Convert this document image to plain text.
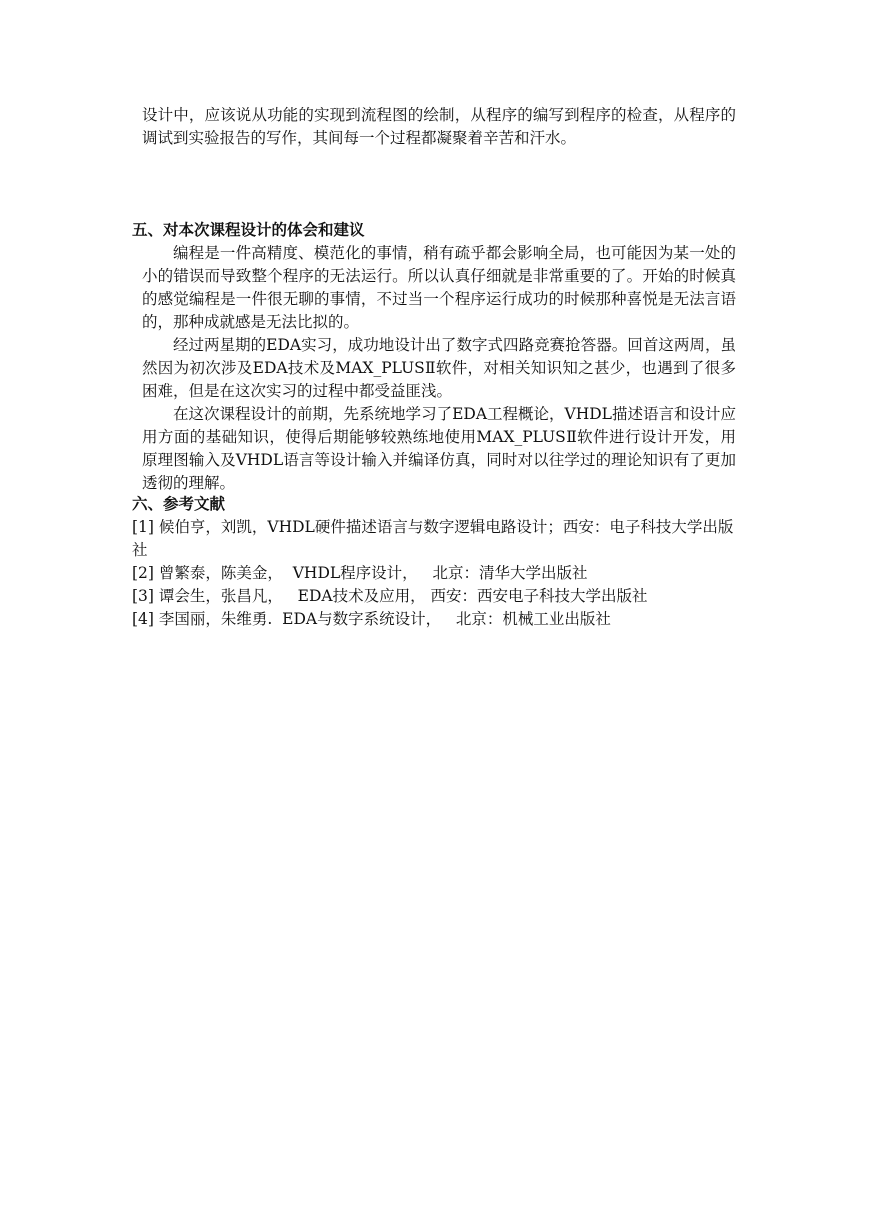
设计中，应该说从功能的实现到流程图的绘制，从程序的编写到程序的检查，从程序的调试到实验报告的写作，其间每一个过程都凝聚着辛苦和汗水。
五、对本次课程设计的体会和建议

编程是一件高精度、模范化的事情，稍有疏乎都会影响全局，也可能因为某一处的小的错误而导致整个程序的无法运行。所以认真仔细就是非常重要的了。开始的时候真的感觉编程是一件很无聊的事情，不过当一个程序运行成功的时候那种喜悦是无法言语的，那种成就感是无法比拟的。

经过两星期的EDA实习，成功地设计出了数字式四路竞赛抢答器。回首这两周，虽然因为初次涉及EDA技术及MAX_PLUSⅡ软件，对相关知识知之甚少，也遇到了很多困难，但是在这次实习的过程中都受益匪浅。

在这次课程设计的前期，先系统地学习了EDA工程概论，VHDL描述语言和设计应用方面的基础知识，使得后期能够较熟练地使用MAX_PLUSⅡ软件进行设计开发，用原理图输入及VHDL语言等设计输入并编译仿真，同时对以往学过的理论知识有了更加透彻的理解。

六、参考文献

[1] 候伯亨，刘凯，VHDL硬件描述语言与数字逻辑电路设计；西安：电子科技大学出版社

[2] 曾繁泰，陈美金，  VHDL程序设计，   北京：清华大学出版社

[3] 谭会生，张昌凡，   EDA技术及应用， 西安：西安电子科技大学出版社

[4] 李国丽，朱维勇.  EDA与数字系统设计，   北京：机械工业出版社
